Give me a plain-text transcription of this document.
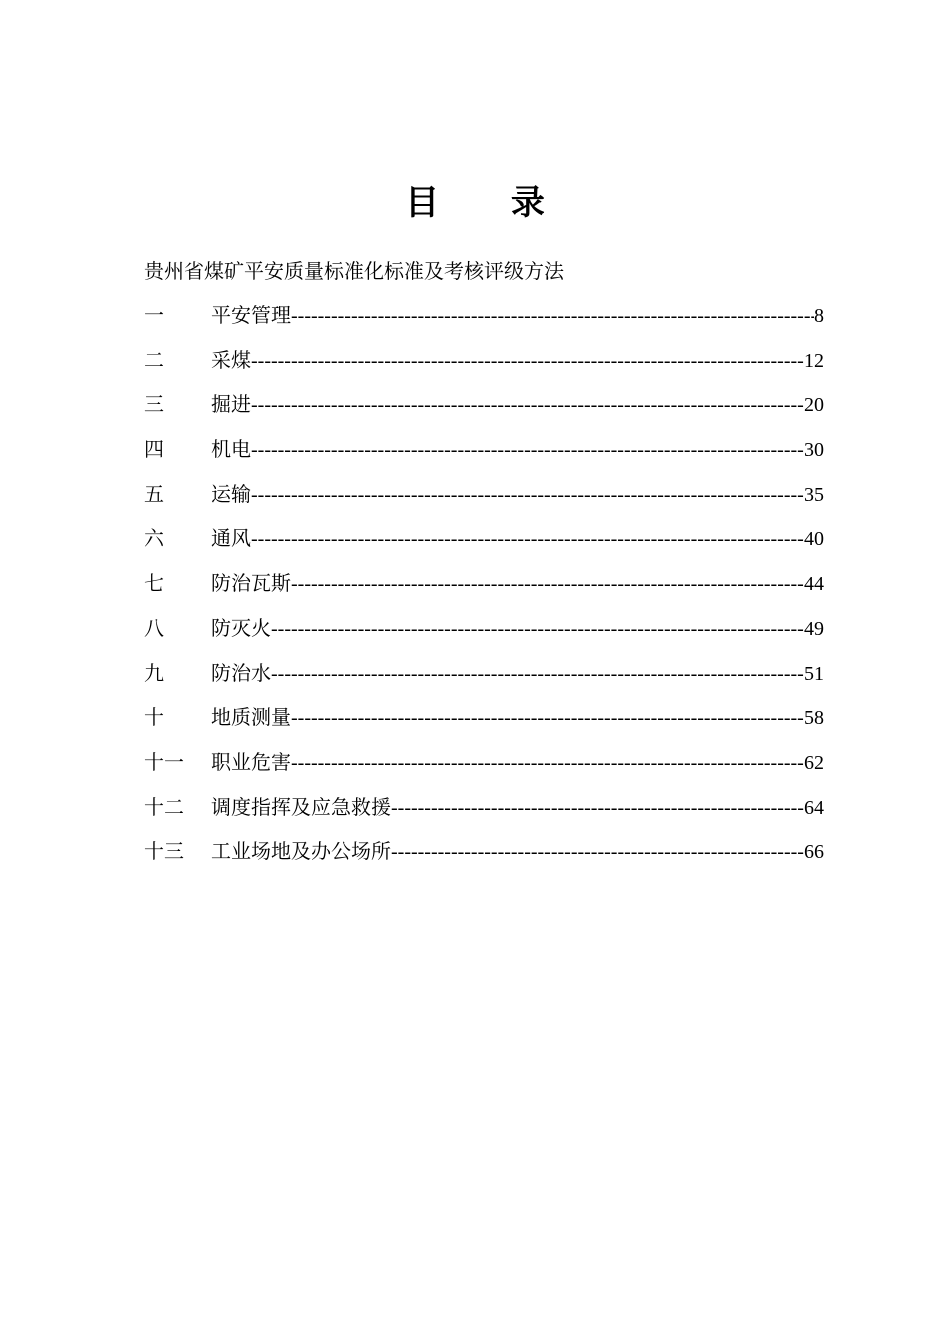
目 录
贵州省煤矿平安质量标准化标准及考核评级方法
一	平安管理 -----	8
二	采煤 -----	12
三	掘进 -----	20
四	机电 -----	30
五	运输 -----	35
六	通风 -----	40
七	防治瓦斯 -----	44
八	防灭火 -----	49
九	防治水 -----	51
十	地质测量 -----	58
十一	职业危害 -----	62
十二	调度指挥及应急救援 -----	64
十三	工业场地及办公场所 -----	66
